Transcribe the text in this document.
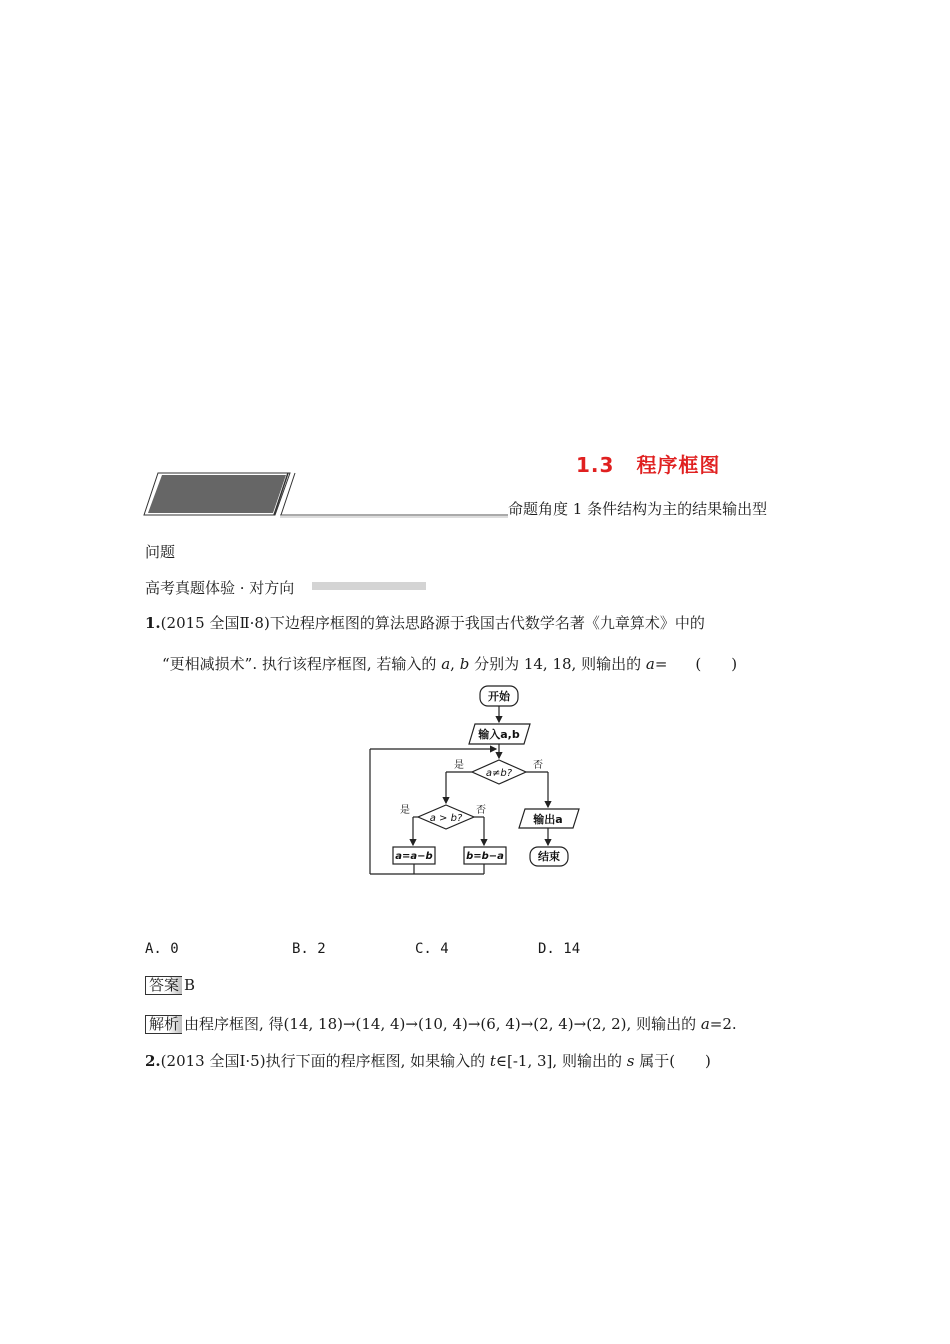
1.3 程序框图
命题角度 1 条件结构为主的结果输出型
问题
高考真题体验 · 对方向
1.(2015 全国Ⅱ·8)下边程序框图的算法思路源于我国古代数学名著《九章算术》中的
“更相减损术”. 执行该程序框图, 若输入的 a, b 分别为 14, 18, 则输出的 a= (　　)
开始
输入a,b
a≠b?
是	否
a > b?
是	否
a=a−b	b=b−a
输出a
结束
A. 0	B. 2	C. 4	D. 14
答案 B
解析 由程序框图, 得(14, 18)→(14, 4)→(10, 4)→(6, 4)→(2, 4)→(2, 2), 则输出的 a=2.
2.(2013 全国Ⅰ·5)执行下面的程序框图, 如果输入的 t∈[-1, 3], 则输出的 s 属于(　　)
